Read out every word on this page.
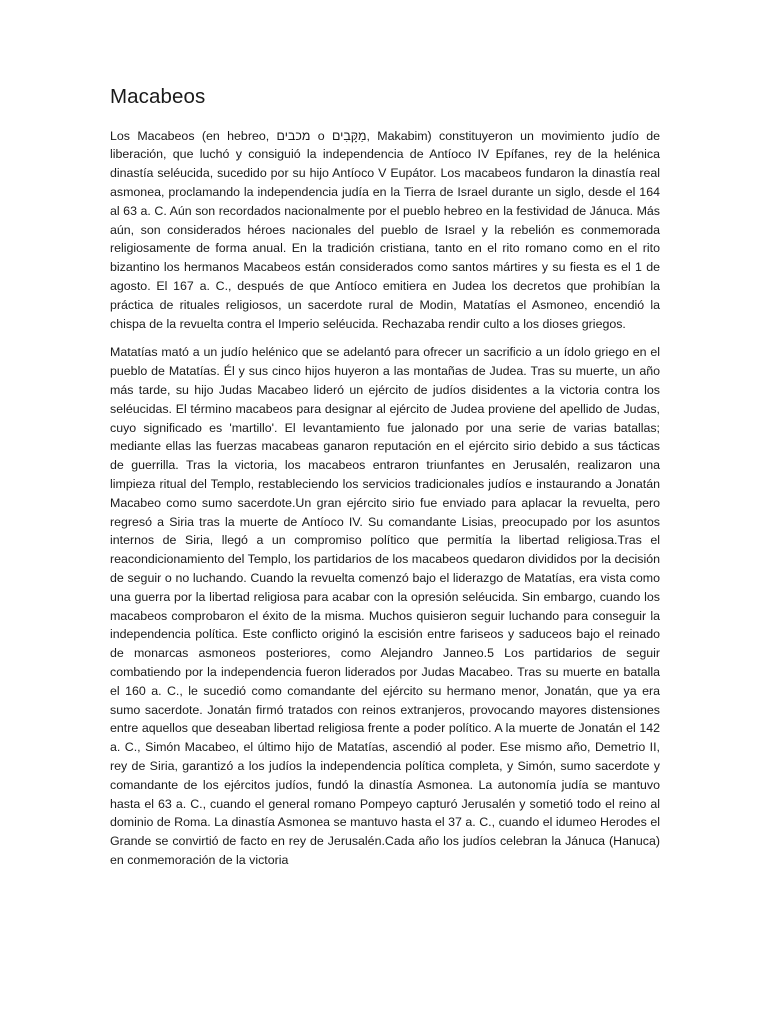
Macabeos

Los Macabeos (en hebreo, מכבים o מַקָּבִים, Makabim) constituyeron un movimiento judío de liberación, que luchó y consiguió la independencia de Antíoco IV Epífanes, rey de la helénica dinastía seléucida, sucedido por su hijo Antíoco V Eupátor. Los macabeos fundaron la dinastía real asmonea, proclamando la independencia judía en la Tierra de Israel durante un siglo, desde el 164 al 63 a. C. Aún son recordados nacionalmente por el pueblo hebreo en la festividad de Jánuca. Más aún, son considerados héroes nacionales del pueblo de Israel y la rebelión es conmemorada religiosamente de forma anual. En la tradición cristiana, tanto en el rito romano como en el rito bizantino los hermanos Macabeos están considerados como santos mártires y su fiesta es el 1 de agosto. El 167 a. C., después de que Antíoco emitiera en Judea los decretos que prohibían la práctica de rituales religiosos, un sacerdote rural de Modin, Matatías el Asmoneo, encendió la chispa de la revuelta contra el Imperio seléucida. Rechazaba rendir culto a los dioses griegos.

Matatías mató a un judío helénico que se adelantó para ofrecer un sacrificio a un ídolo griego en el pueblo de Matatías. Él y sus cinco hijos huyeron a las montañas de Judea. Tras su muerte, un año más tarde, su hijo Judas Macabeo lideró un ejército de judíos disidentes a la victoria contra los seléucidas. El término macabeos para designar al ejército de Judea proviene del apellido de Judas, cuyo significado es 'martillo'. El levantamiento fue jalonado por una serie de varias batallas; mediante ellas las fuerzas macabeas ganaron reputación en el ejército sirio debido a sus tácticas de guerrilla. Tras la victoria, los macabeos entraron triunfantes en Jerusalén, realizaron una limpieza ritual del Templo, restableciendo los servicios tradicionales judíos e instaurando a Jonatán Macabeo como sumo sacerdote.Un gran ejército sirio fue enviado para aplacar la revuelta, pero regresó a Siria tras la muerte de Antíoco IV. Su comandante Lisias, preocupado por los asuntos internos de Siria, llegó a un compromiso político que permitía la libertad religiosa.Tras el reacondicionamiento del Templo, los partidarios de los macabeos quedaron divididos por la decisión de seguir o no luchando. Cuando la revuelta comenzó bajo el liderazgo de Matatías, era vista como una guerra por la libertad religiosa para acabar con la opresión seléucida. Sin embargo, cuando los macabeos comprobaron el éxito de la misma. Muchos quisieron seguir luchando para conseguir la independencia política. Este conflicto originó la escisión entre fariseos y saduceos bajo el reinado de monarcas asmoneos posteriores, como Alejandro Janneo.5 Los partidarios de seguir combatiendo por la independencia fueron liderados por Judas Macabeo. Tras su muerte en batalla el 160 a. C., le sucedió como comandante del ejército su hermano menor, Jonatán, que ya era sumo sacerdote. Jonatán firmó tratados con reinos extranjeros, provocando mayores distensiones entre aquellos que deseaban libertad religiosa frente a poder político. A la muerte de Jonatán el 142 a. C., Simón Macabeo, el último hijo de Matatías, ascendió al poder. Ese mismo año, Demetrio II, rey de Siria, garantizó a los judíos la independencia política completa, y Simón, sumo sacerdote y comandante de los ejércitos judíos, fundó la dinastía Asmonea. La autonomía judía se mantuvo hasta el 63 a. C., cuando el general romano Pompeyo capturó Jerusalén y sometió todo el reino al dominio de Roma. La dinastía Asmonea se mantuvo hasta el 37 a. C., cuando el idumeo Herodes el Grande se convirtió de facto en rey de Jerusalén.Cada año los judíos celebran la Jánuca (Hanuca) en conmemoración de la victoria
